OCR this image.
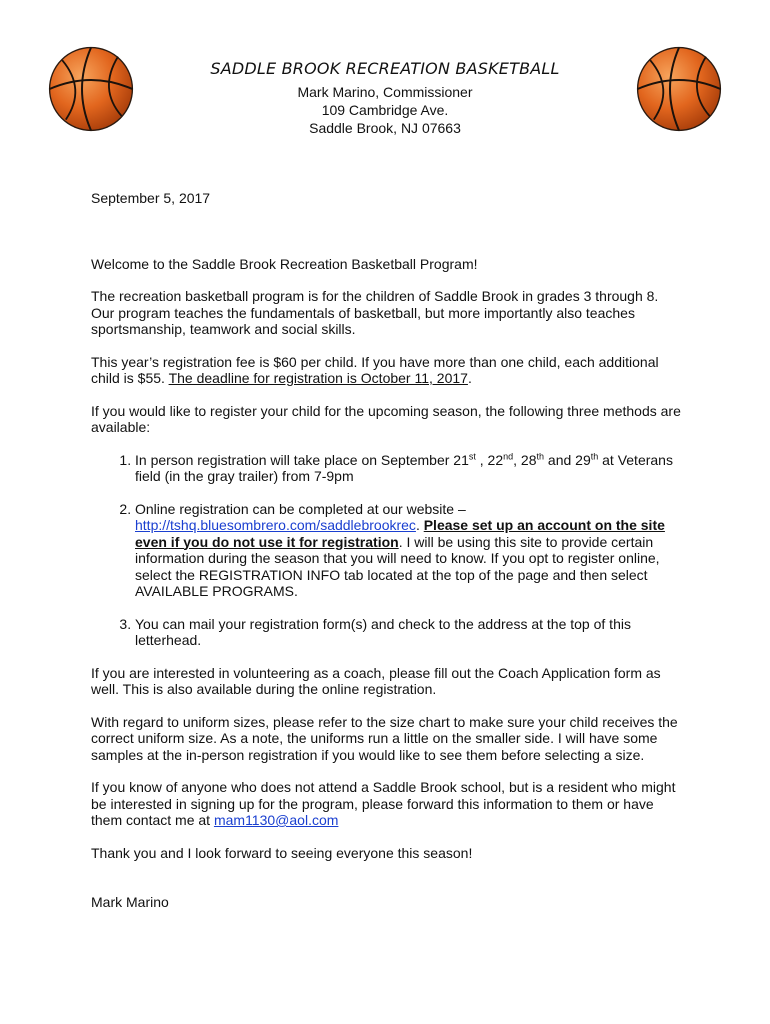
SADDLE BROOK RECREATION BASKETBALL
Mark Marino, Commissioner
109 Cambridge Ave.
Saddle Brook, NJ 07663

September 5, 2017

Welcome to the Saddle Brook Recreation Basketball Program!

The recreation basketball program is for the children of Saddle Brook in grades 3 through 8. Our program teaches the fundamentals of basketball, but more importantly also teaches sportsmanship, teamwork and social skills.

This year’s registration fee is $60 per child. If you have more than one child, each additional child is $55. The deadline for registration is October 11, 2017.

If you would like to register your child for the upcoming season, the following three methods are available:

1. In person registration will take place on September 21st , 22nd, 28th and 29th at Veterans field (in the gray trailer) from 7-9pm
2. Online registration can be completed at our website – http://tshq.bluesombrero.com/saddlebrookrec. Please set up an account on the site even if you do not use it for registration. I will be using this site to provide certain information during the season that you will need to know. If you opt to register online, select the REGISTRATION INFO tab located at the top of the page and then select AVAILABLE PROGRAMS.
3. You can mail your registration form(s) and check to the address at the top of this letterhead.

If you are interested in volunteering as a coach, please fill out the Coach Application form as well. This is also available during the online registration.

With regard to uniform sizes, please refer to the size chart to make sure your child receives the correct uniform size. As a note, the uniforms run a little on the smaller side. I will have some samples at the in-person registration if you would like to see them before selecting a size.

If you know of anyone who does not attend a Saddle Brook school, but is a resident who might be interested in signing up for the program, please forward this information to them or have them contact me at mam1130@aol.com

Thank you and I look forward to seeing everyone this season!

Mark Marino
